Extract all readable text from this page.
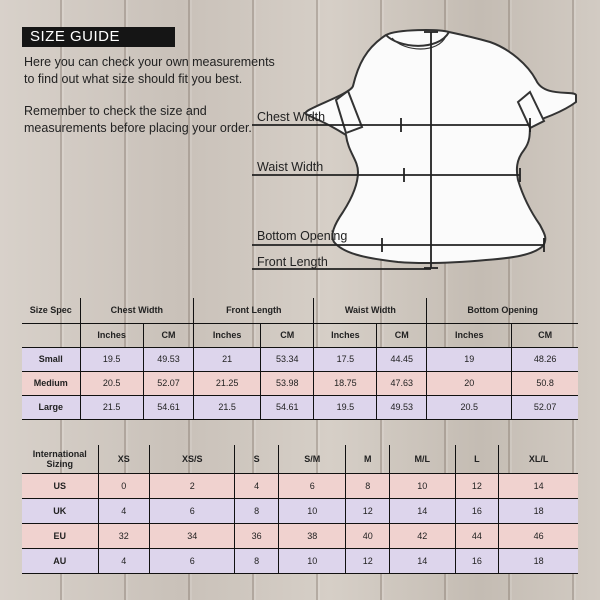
SIZE GUIDE

Here you can check your own measurements to find out what size should fit you best.

Remember to check the size and measurements before placing your order.

Chest Width
Waist Width
Bottom Opening
Front Length
Size Spec	Chest Width		Front Length		Waist Width		Bottom Opening	
	Inches	CM	Inches	CM	Inches	CM	Inches	CM
Small	19.5	49.53	21	53.34	17.5	44.45	19	48.26
Medium	20.5	52.07	21.25	53.98	18.75	47.63	20	50.8
Large	21.5	54.61	21.5	54.61	19.5	49.53	20.5	52.07
International Sizing	XS	XS/S	S	S/M	M	M/L	L	XL/L
US	0	2	4	6	8	10	12	14
UK	4	6	8	10	12	14	16	18
EU	32	34	36	38	40	42	44	46
AU	4	6	8	10	12	14	16	18
